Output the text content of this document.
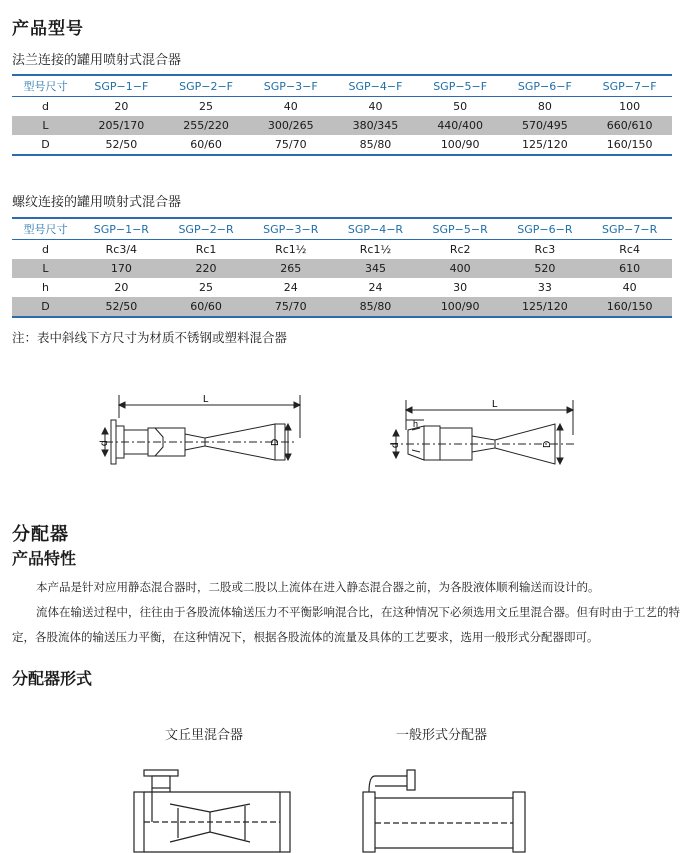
产品型号
法兰连接的罐用喷射式混合器
型号尺寸	SGP−1−F	SGP−2−F	SGP−3−F	SGP−4−F	SGP−5−F	SGP−6−F	SGP−7−F
d	20	25	40	40	50	80	100
L	205/170	255/220	300/265	380/345	440/400	570/495	660/610
D	52/50	60/60	75/70	85/80	100/90	125/120	160/150
螺纹连接的罐用喷射式混合器
型号尺寸	SGP−1−R	SGP−2−R	SGP−3−R	SGP−4−R	SGP−5−R	SGP−6−R	SGP−7−R
d	Rc3/4	Rc1	Rc1½	Rc1½	Rc2	Rc3	Rc4
L	170	220	265	345	400	520	610
h	20	25	24	24	30	33	40
D	52/50	60/60	75/70	85/80	100/90	125/120	160/150
注：表中斜线下方尺寸为材质不锈钢或塑料混合器
L
d	D
L
h
d	D
分配器
产品特性

本产品是针对应用静态混合器时，二股或二股以上流体在进入静态混合器之前，为各股液体顺利输送而设计的。

流体在输送过程中，往往由于各股流体输送压力不平衡影响混合比，在这种情况下必须选用文丘里混合器。但有时由于工艺的特定，各股流体的输送压力平衡，在这种情况下，根据各股流体的流量及具体的工艺要求，选用一般形式分配器即可。

分配器形式
文丘里混合器	一般形式分配器
